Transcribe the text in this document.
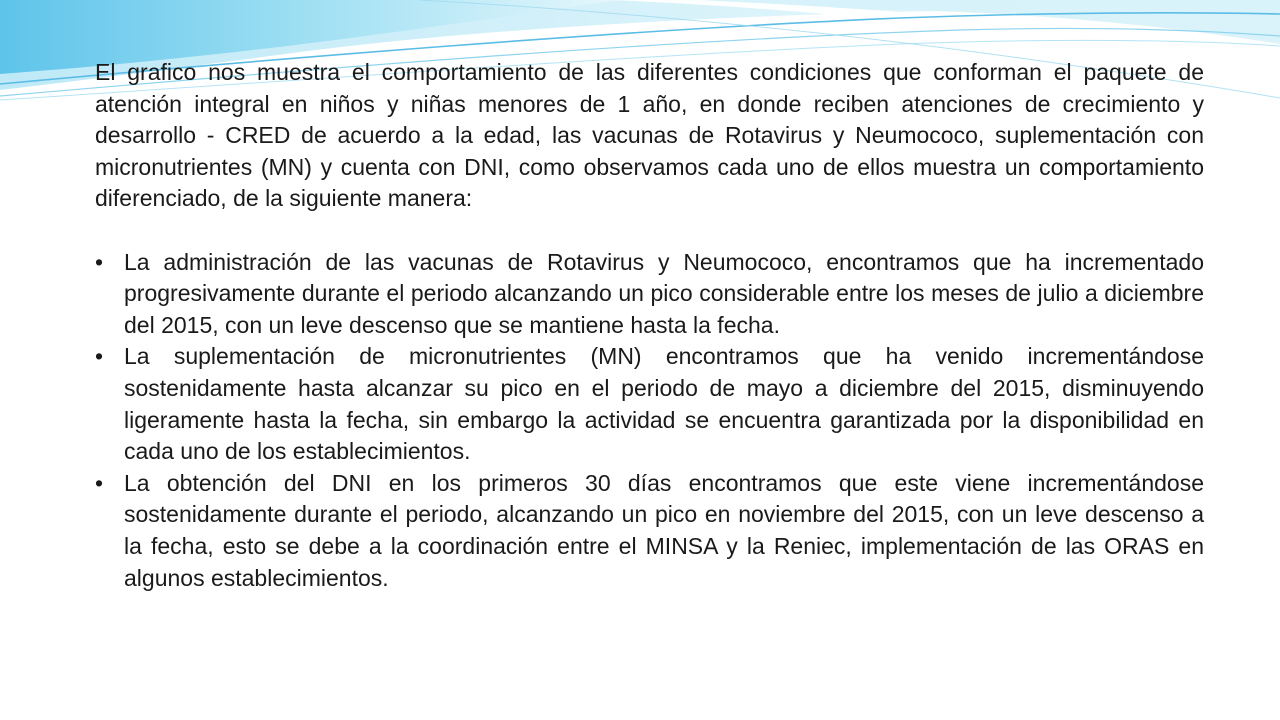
El grafico nos muestra el comportamiento de las diferentes condiciones que conforman el paquete de atención integral en niños y niñas menores de 1 año, en donde reciben atenciones de crecimiento y desarrollo - CRED de acuerdo a la edad, las vacunas de Rotavirus y Neumococo, suplementación con micronutrientes (MN) y cuenta con DNI, como observamos cada uno de ellos muestra un comportamiento diferenciado, de la siguiente manera:

• La administración de las vacunas de Rotavirus y Neumococo, encontramos que ha incrementado progresivamente durante el periodo alcanzando un pico considerable entre los meses de julio a diciembre del 2015, con un leve descenso que se mantiene hasta la fecha.
• La suplementación de micronutrientes (MN) encontramos que ha venido incrementándose sostenidamente hasta alcanzar su pico en el periodo de mayo a diciembre del 2015, disminuyendo ligeramente hasta la fecha, sin embargo la actividad se encuentra garantizada por la disponibilidad en cada uno de los establecimientos.
• La obtención del DNI en los primeros 30 días encontramos que este viene incrementándose sostenidamente durante el periodo, alcanzando un pico en noviembre del 2015, con un leve descenso a la fecha, esto se debe a la coordinación entre el MINSA y la Reniec, implementación de las ORAS en algunos establecimientos.
